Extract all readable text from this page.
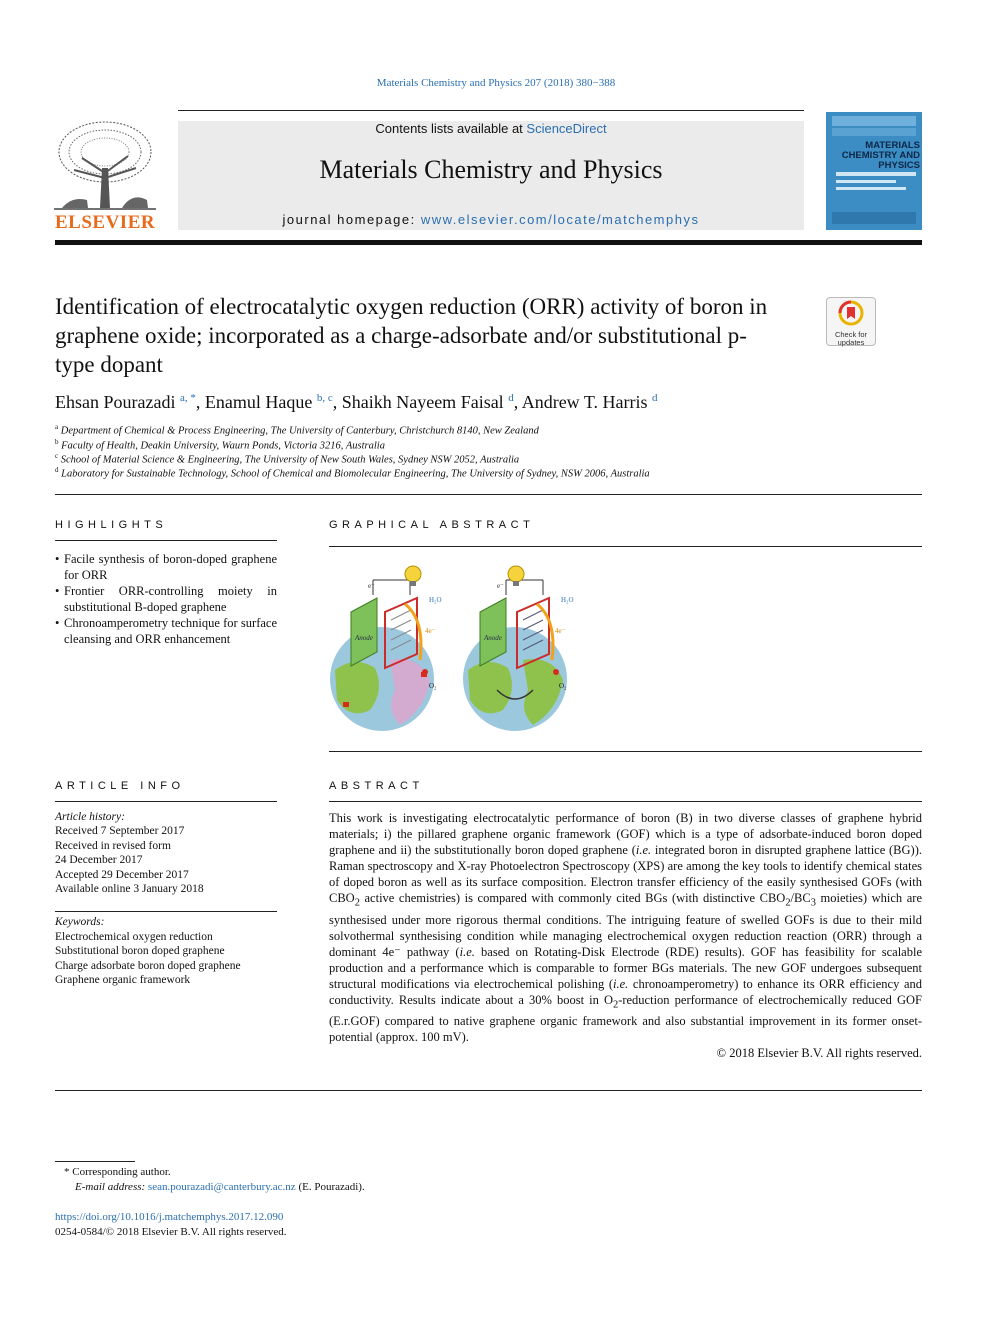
Materials Chemistry and Physics 207 (2018) 380−388
ELSEVIER
Contents lists available at ScienceDirect
Materials Chemistry and Physics
journal homepage: www.elsevier.com/locate/matchemphys
MATERIALS CHEMISTRY AND PHYSICS
Identification of electrocatalytic oxygen reduction (ORR) activity of boron in graphene oxide; incorporated as a charge-adsorbate and/or substitutional p-type dopant
Check for updates
Ehsan Pourazadi $^{a, *}$, Enamul Haque $^{b, c}$, Shaikh Nayeem Faisal $^d$, Andrew T. Harris $^d$
$^a$ Department of Chemical & Process Engineering, The University of Canterbury, Christchurch 8140, New Zealand
$^b$ Faculty of Health, Deakin University, Waurn Ponds, Victoria 3216, Australia
$^c$ School of Material Science & Engineering, The University of New South Wales, Sydney NSW 2052, Australia
$^d$ Laboratory for Sustainable Technology, School of Chemical and Biomolecular Engineering, The University of Sydney, NSW 2006, Australia
HIGHLIGHTS
• Facile synthesis of boron-doped graphene for ORR
• Frontier ORR-controlling moiety in substitutional B-doped graphene
• Chronoamperometry technique for surface cleansing and ORR enhancement
GRAPHICAL ABSTRACT
Anode
e⁻
4e⁻
H₂O
O₂
Anode
e⁻
4e⁻
H₂O
O₂
ARTICLE INFO
Article history:
Received 7 September 2017
Received in revised form
24 December 2017
Accepted 29 December 2017
Available online 3 January 2018
Keywords:
Electrochemical oxygen reduction
Substitutional boron doped graphene
Charge adsorbate boron doped graphene
Graphene organic framework
ABSTRACT
This work is investigating electrocatalytic performance of boron (B) in two diverse classes of graphene hybrid materials; i) the pillared graphene organic framework (GOF) which is a type of adsorbate-induced boron doped graphene and ii) the substitutionally boron doped graphene (i.e. integrated boron in disrupted graphene lattice (BG)). Raman spectroscopy and X-ray Photoelectron Spectroscopy (XPS) are among the key tools to identify chemical states of doped boron as well as its surface composition. Electron transfer efficiency of the easily synthesised GOFs (with $CBO_2$ active chemistries) is compared with commonly cited BGs (with distinctive $CBO_2/BC_3$ moieties) which are synthesised under more rigorous thermal conditions. The intriguing feature of swelled GOFs is due to their mild solvothermal synthesising condition while managing electrochemical oxygen reduction reaction (ORR) through a dominant 4e⁻ pathway (i.e. based on Rotating-Disk Electrode (RDE) results). GOF has feasibility for scalable production and a performance which is comparable to former BGs materials. The new GOF undergoes subsequent structural modifications via electrochemical polishing (i.e. chronoamperometry) to enhance its ORR efficiency and conductivity. Results indicate about a 30% boost in $O_2$-reduction performance of electrochemically reduced GOF (E.r.GOF) compared to native graphene organic framework and also substantial improvement in its former onset-potential (approx. 100 mV).
© 2018 Elsevier B.V. All rights reserved.
* Corresponding author.
E-mail address: sean.pourazadi@canterbury.ac.nz (E. Pourazadi).
https://doi.org/10.1016/j.matchemphys.2017.12.090
0254-0584/© 2018 Elsevier B.V. All rights reserved.
